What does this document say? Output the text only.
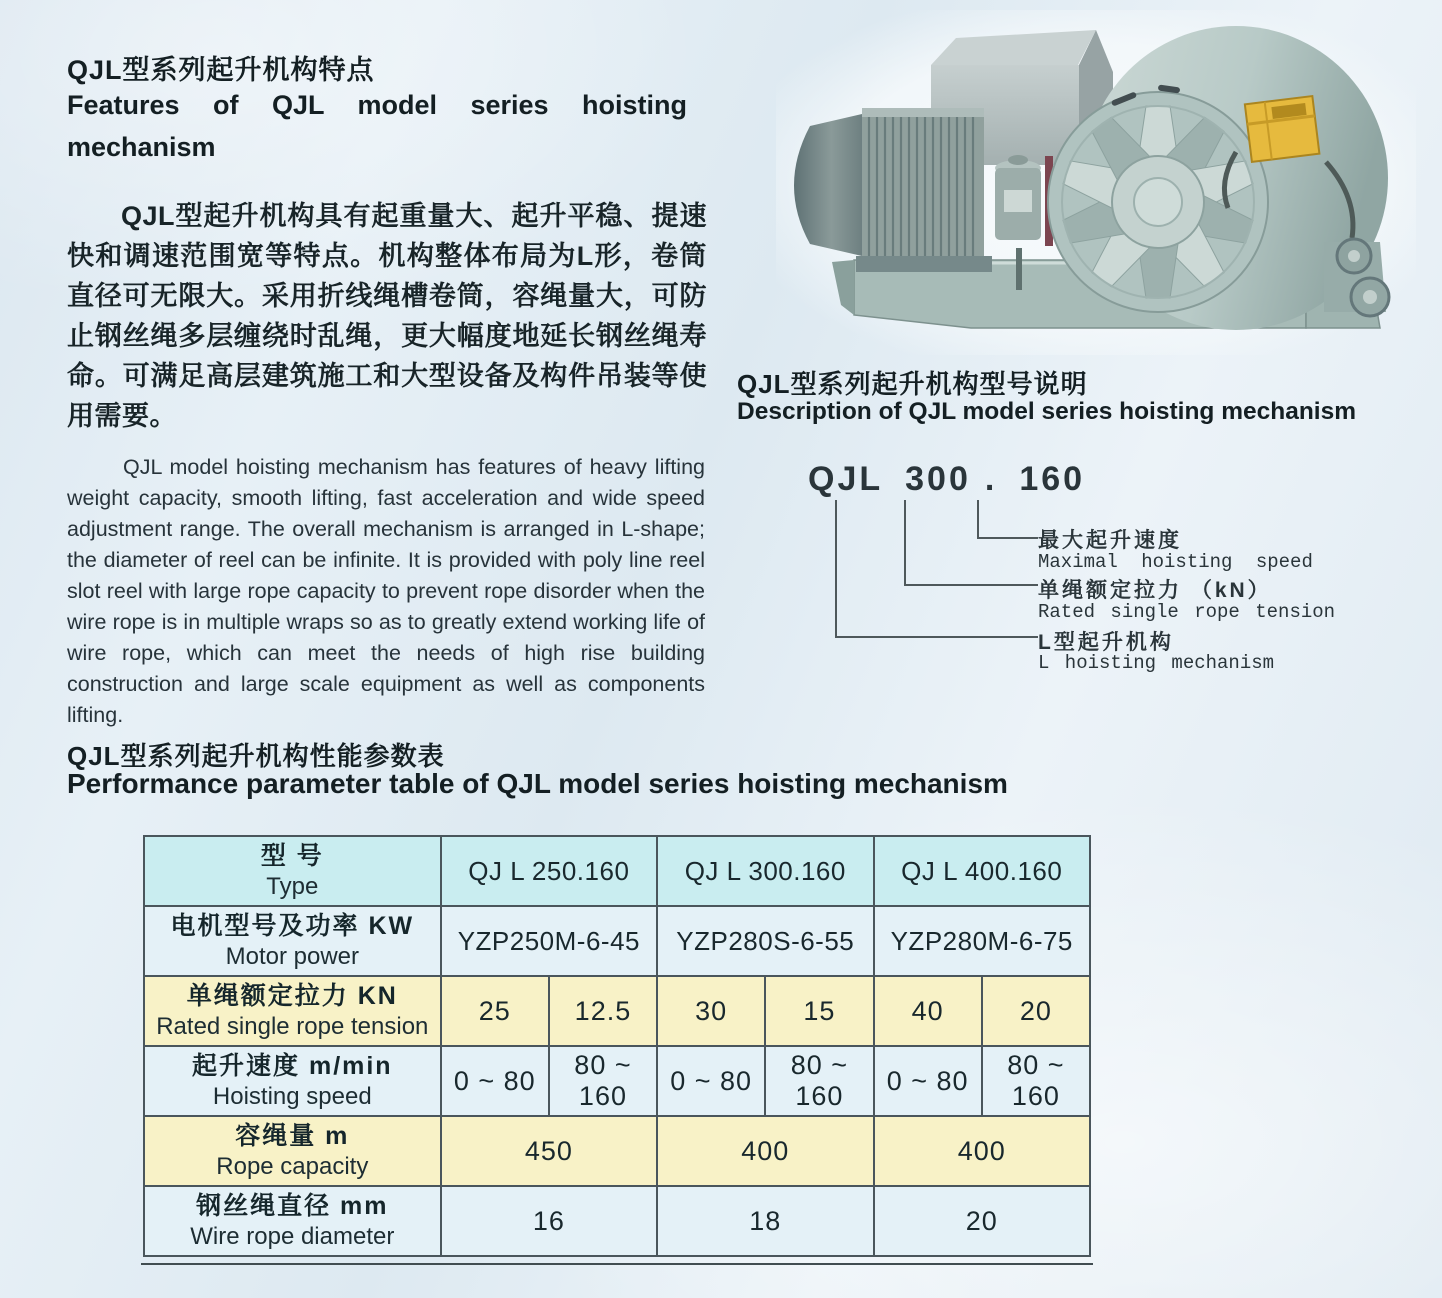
QJL型系列起升机构特点
Features of QJL model series hoisting mechanism
QJL型起升机构具有起重量大、起升平稳、提速快和调速范围宽等特点。机构整体布局为L形，卷筒直径可无限大。采用折线绳槽卷筒，容绳量大，可防止钢丝绳多层缠绕时乱绳，更大幅度地延长钢丝绳寿命。可满足高层建筑施工和大型设备及构件吊装等使用需要。
QJL model hoisting mechanism has features of heavy lifting weight capacity, smooth lifting, fast acceleration and wide speed adjustment range. The overall mechanism is arranged in L-shape; the diameter of reel can be infinite. It is provided with poly line reel slot reel with large rope capacity to prevent rope disorder when the wire rope is in multiple wraps so as to greatly extend working life of wire rope, which can meet the needs of high rise building construction and large scale equipment as well as components lifting.
QJL型系列起升机构型号说明
Description of QJL model series hoisting mechanism
QJL 300 . 160
最大起升速度
Maximal hoisting speed
单绳额定拉力 （kN）
Rated single rope tension
L型起升机构
L hoisting mechanism
QJL型系列起升机构性能参数表
Performance parameter table of QJL model series hoisting mechanism
型 号
Type	QJ L 250.160		QJ L 300.160		QJ L 400.160	

电机型号及功率 KW
Motor power	YZP250M-6-45		YZP280S-6-55		YZP280M-6-75	

单绳额定拉力 KN
Rated single rope tension	25	12.5	30	15	40	20

起升速度 m/min
Hoisting speed	0 ~ 80	80 ~ 160	0 ~ 80	80 ~ 160	0 ~ 80	80 ~ 160

容绳量 m
Rope capacity	450		400		400	

钢丝绳直径 mm
Wire rope diameter	16		18		20	
